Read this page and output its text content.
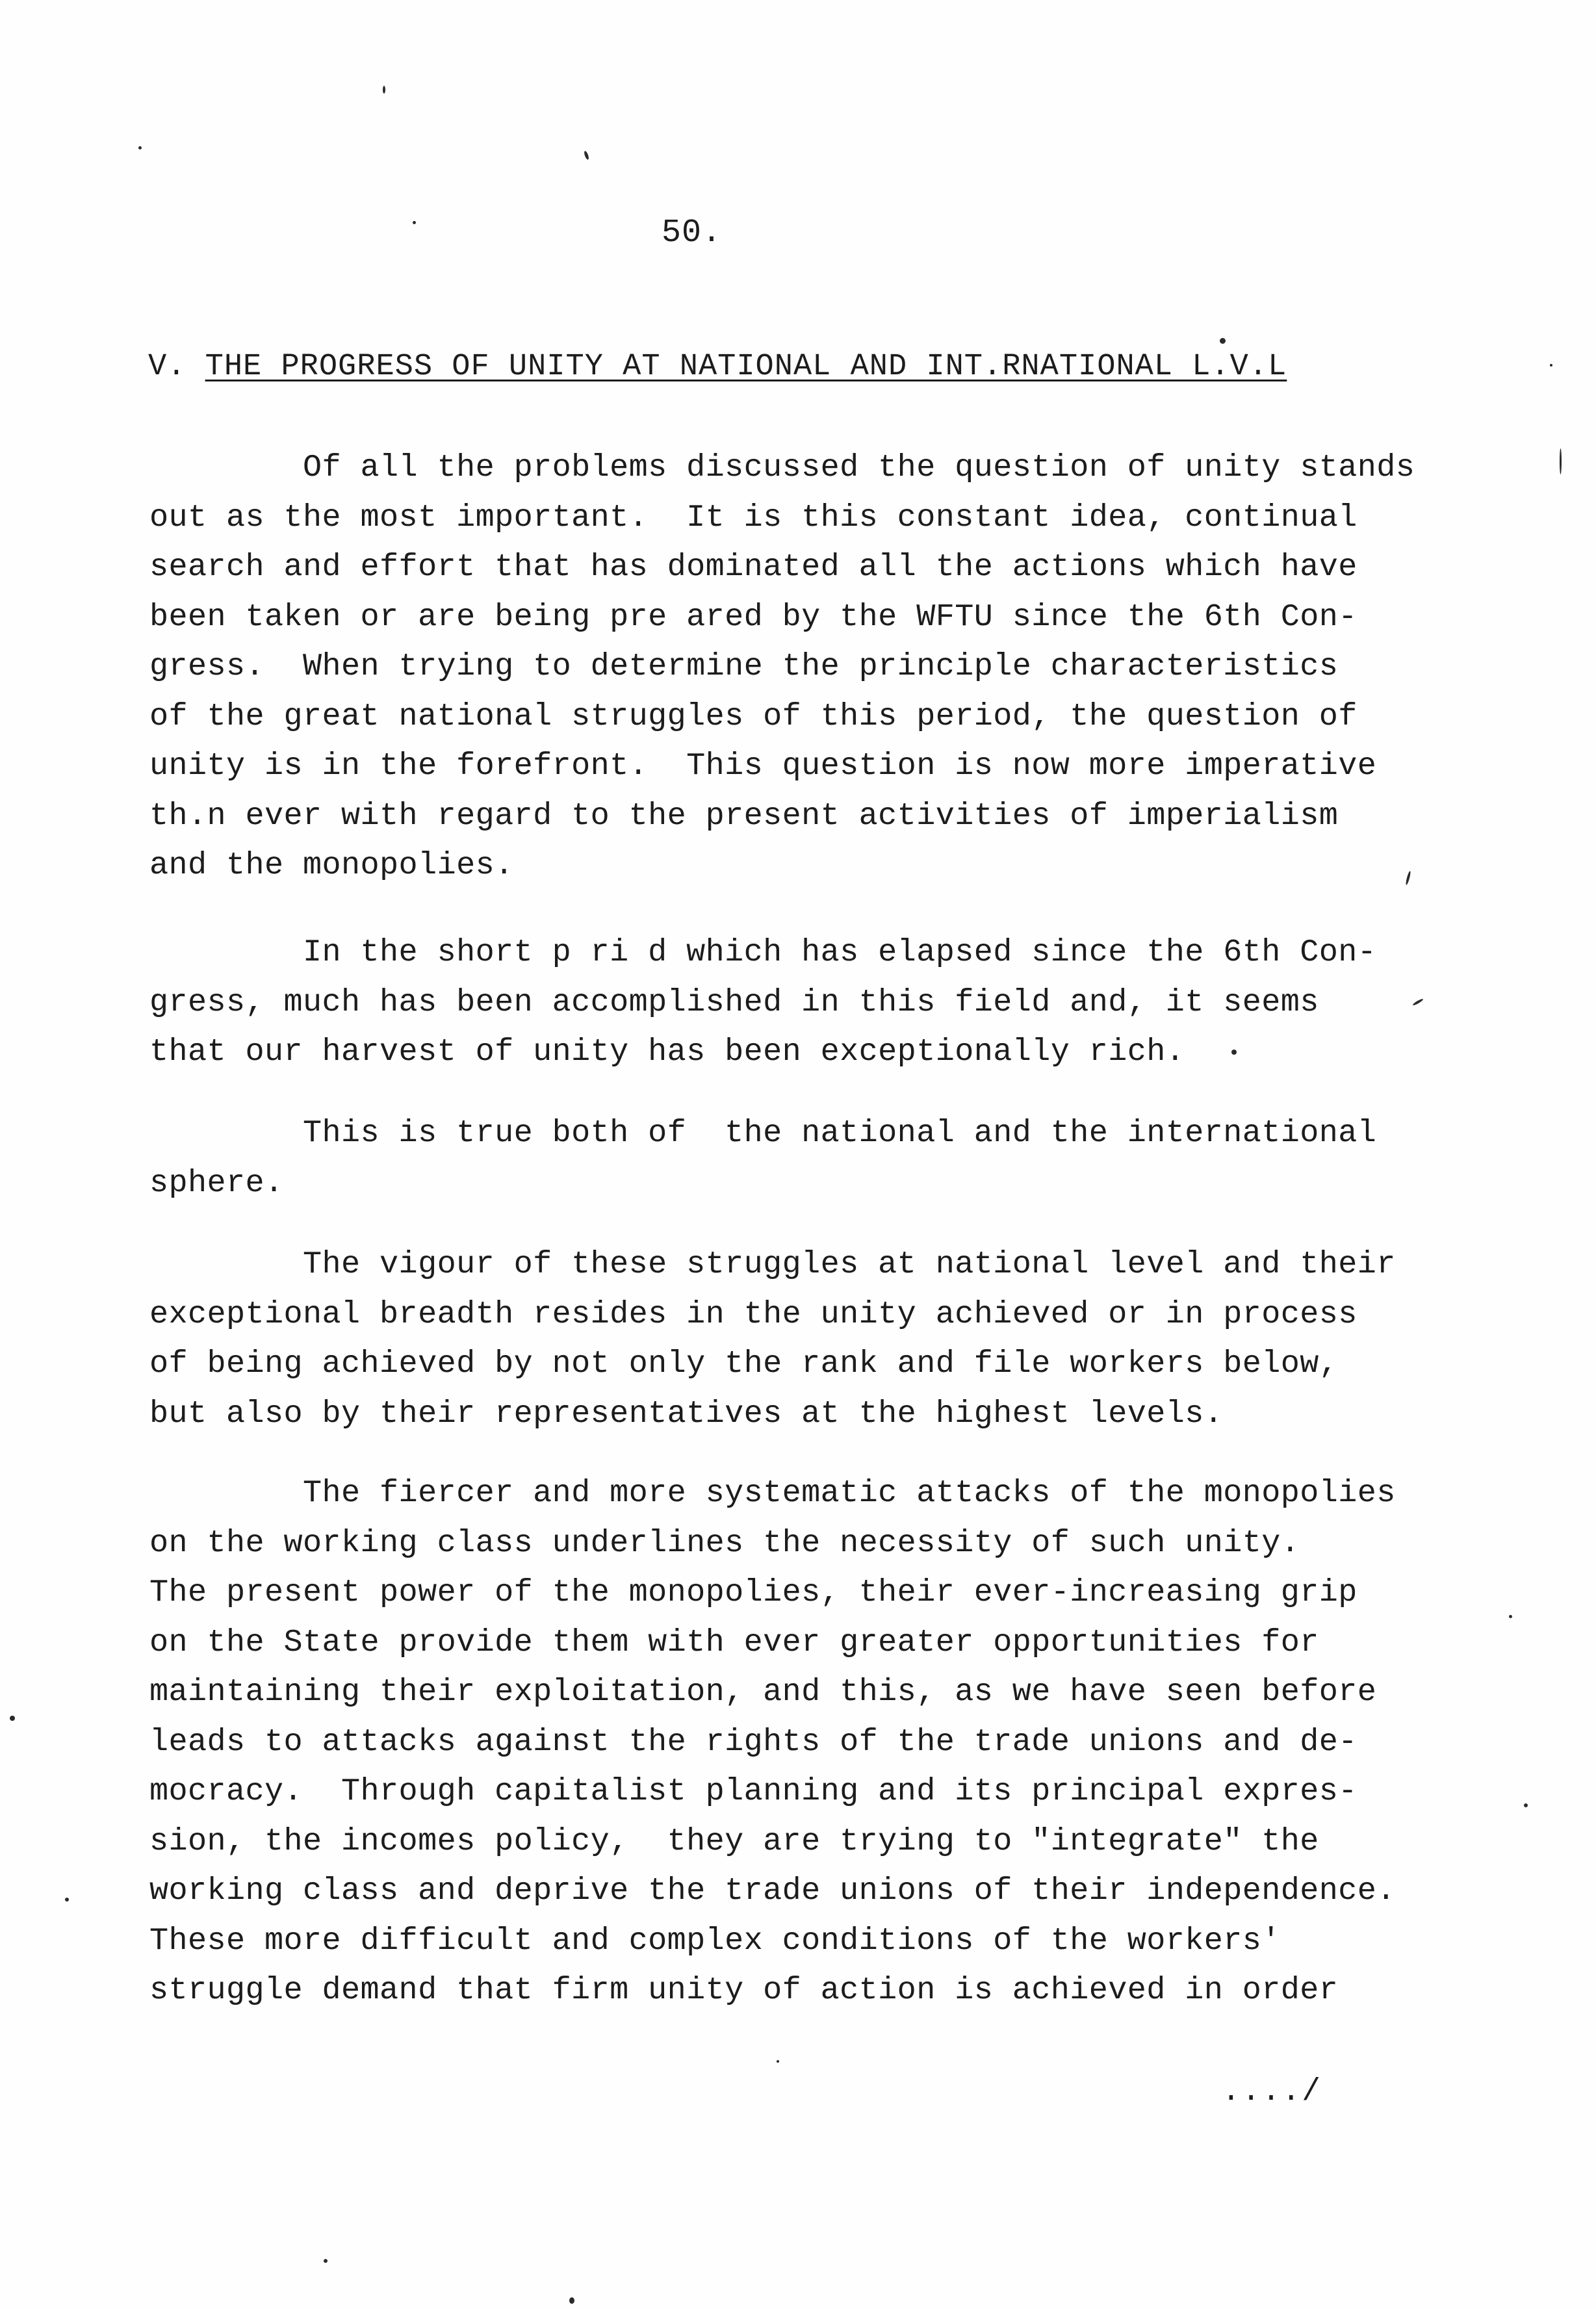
50.
V. THE PROGRESS OF UNITY AT NATIONAL AND INT.RNATIONAL L.V.L
Of all the problems discussed the question of unity stands
out as the most important.  It is this constant idea, continual
search and effort that has dominated all the actions which have
been taken or are being pre ared by the WFTU since the 6th Con-
gress.  When trying to determine the principle characteristics
of the great national struggles of this period, the question of
unity is in the forefront.  This question is now more imperative
th.n ever with regard to the present activities of imperialism
and the monopolies.
In the short p ri d which has elapsed since the 6th Con-
gress, much has been accomplished in this field and, it seems
that our harvest of unity has been exceptionally rich.
This is true both of  the national and the international
sphere.
The vigour of these struggles at national level and their
exceptional breadth resides in the unity achieved or in process
of being achieved by not only the rank and file workers below,
but also by their representatives at the highest levels.
The fiercer and more systematic attacks of the monopolies
on the working class underlines the necessity of such unity.
The present power of the monopolies, their ever-increasing grip
on the State provide them with ever greater opportunities for
maintaining their exploitation, and this, as we have seen before
leads to attacks against the rights of the trade unions and de-
mocracy.  Through capitalist planning and its principal expres-
sion, the incomes policy,  they are trying to "integrate" the
working class and deprive the trade unions of their independence.
These more difficult and complex conditions of the workers'
struggle demand that firm unity of action is achieved in order
..../
